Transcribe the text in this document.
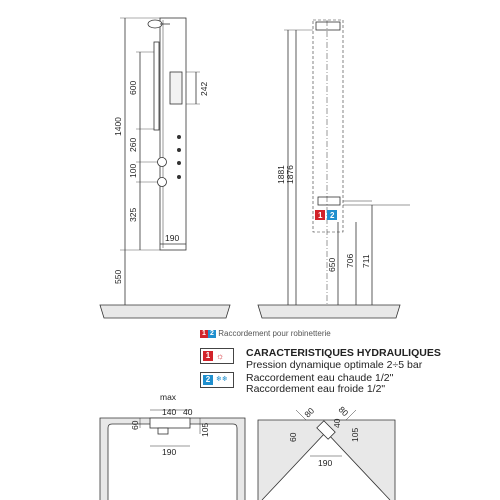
1400
600
260
100
325
242
190
550
1 2
1881 1876
650 706 711
max
140 40
60	105
190
80 80
40
105
60
190
1 2 Raccordement pour robinetterie
1 ☼
2 ❄❄
CARACTERISTIQUES HYDRAULIQUES
Pression dynamique optimale 2÷5 bar
Raccordement eau chaude 1/2"
Raccordement eau froide 1/2"
